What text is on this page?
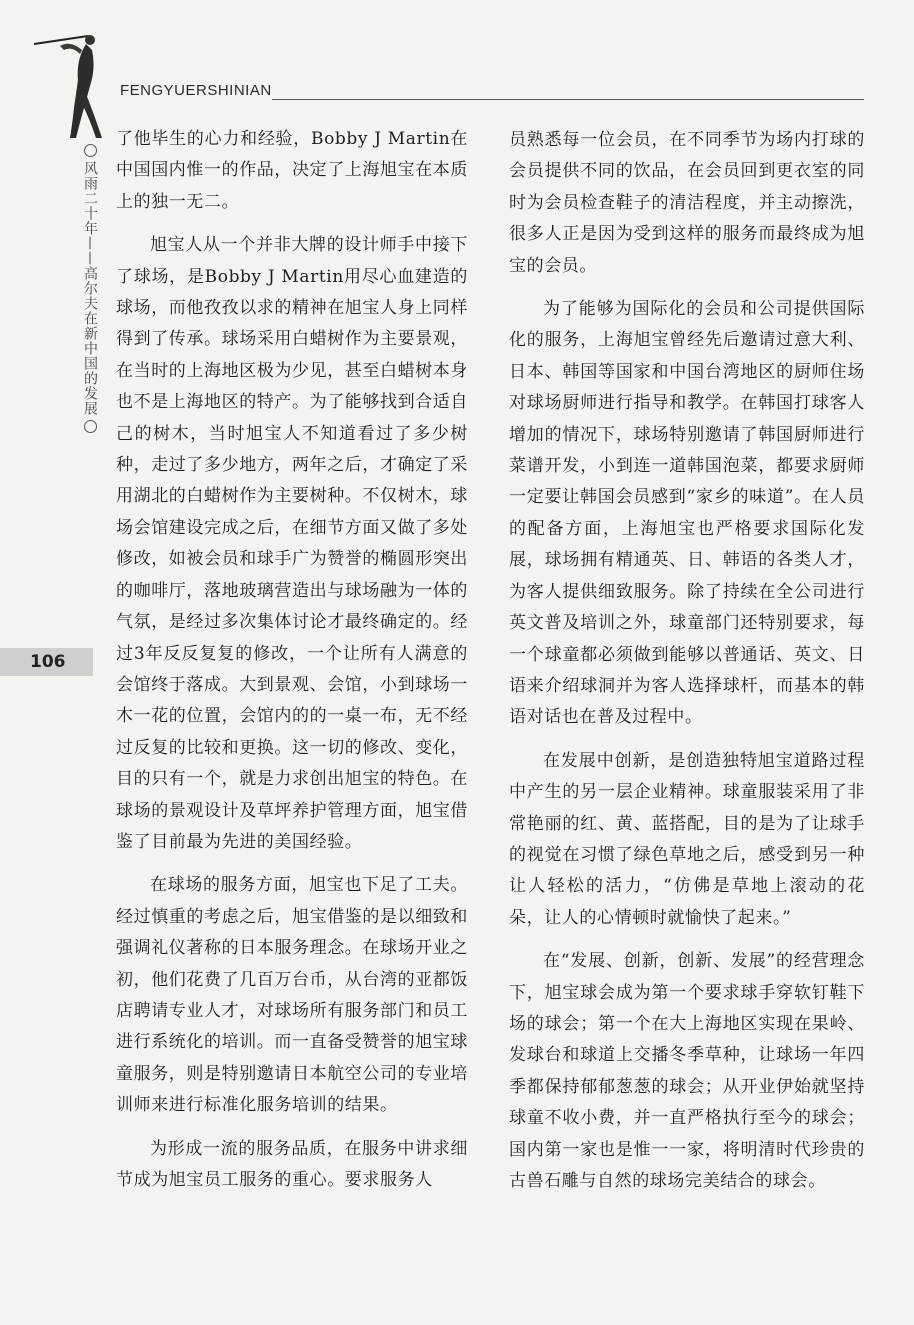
FENGYUERSHINIAN
风雨二十年——高尔夫在新中国的发展
106

了他毕生的心力和经验，Bobby J Martin在中国国内惟一的作品，决定了上海旭宝在本质上的独一无二。

旭宝人从一个并非大牌的设计师手中接下了球场，是Bobby J Martin用尽心血建造的球场，而他孜孜以求的精神在旭宝人身上同样得到了传承。球场采用白蜡树作为主要景观，在当时的上海地区极为少见，甚至白蜡树本身也不是上海地区的特产。为了能够找到合适自己的树木，当时旭宝人不知道看过了多少树种，走过了多少地方，两年之后，才确定了采用湖北的白蜡树作为主要树种。不仅树木，球场会馆建设完成之后，在细节方面又做了多处修改，如被会员和球手广为赞誉的椭圆形突出的咖啡厅，落地玻璃营造出与球场融为一体的气氛，是经过多次集体讨论才最终确定的。经过3年反反复复的修改，一个让所有人满意的会馆终于落成。大到景观、会馆，小到球场一木一花的位置，会馆内的的一桌一布，无不经过反复的比较和更换。这一切的修改、变化，目的只有一个，就是力求创出旭宝的特色。在球场的景观设计及草坪养护管理方面，旭宝借鉴了目前最为先进的美国经验。

在球场的服务方面，旭宝也下足了工夫。经过慎重的考虑之后，旭宝借鉴的是以细致和强调礼仪著称的日本服务理念。在球场开业之初，他们花费了几百万台币，从台湾的亚都饭店聘请专业人才，对球场所有服务部门和员工进行系统化的培训。而一直备受赞誉的旭宝球童服务，则是特别邀请日本航空公司的专业培训师来进行标准化服务培训的结果。

为形成一流的服务品质，在服务中讲求细节成为旭宝员工服务的重心。要求服务人

员熟悉每一位会员，在不同季节为场内打球的会员提供不同的饮品，在会员回到更衣室的同时为会员检查鞋子的清洁程度，并主动擦洗，很多人正是因为受到这样的服务而最终成为旭宝的会员。

为了能够为国际化的会员和公司提供国际化的服务，上海旭宝曾经先后邀请过意大利、日本、韩国等国家和中国台湾地区的厨师住场对球场厨师进行指导和教学。在韩国打球客人增加的情况下，球场特别邀请了韩国厨师进行菜谱开发，小到连一道韩国泡菜，都要求厨师一定要让韩国会员感到“家乡的味道”。在人员的配备方面，上海旭宝也严格要求国际化发展，球场拥有精通英、日、韩语的各类人才，为客人提供细致服务。除了持续在全公司进行英文普及培训之外，球童部门还特别要求，每一个球童都必须做到能够以普通话、英文、日语来介绍球洞并为客人选择球杆，而基本的韩语对话也在普及过程中。

在发展中创新，是创造独特旭宝道路过程中产生的另一层企业精神。球童服装采用了非常艳丽的红、黄、蓝搭配，目的是为了让球手的视觉在习惯了绿色草地之后，感受到另一种让人轻松的活力，“仿佛是草地上滚动的花朵，让人的心情顿时就愉快了起来。”

在“发展、创新，创新、发展”的经营理念下，旭宝球会成为第一个要求球手穿软钉鞋下场的球会；第一个在大上海地区实现在果岭、发球台和球道上交播冬季草种，让球场一年四季都保持郁郁葱葱的球会；从开业伊始就坚持球童不收小费，并一直严格执行至今的球会；国内第一家也是惟一一家，将明清时代珍贵的古兽石雕与自然的球场完美结合的球会。
